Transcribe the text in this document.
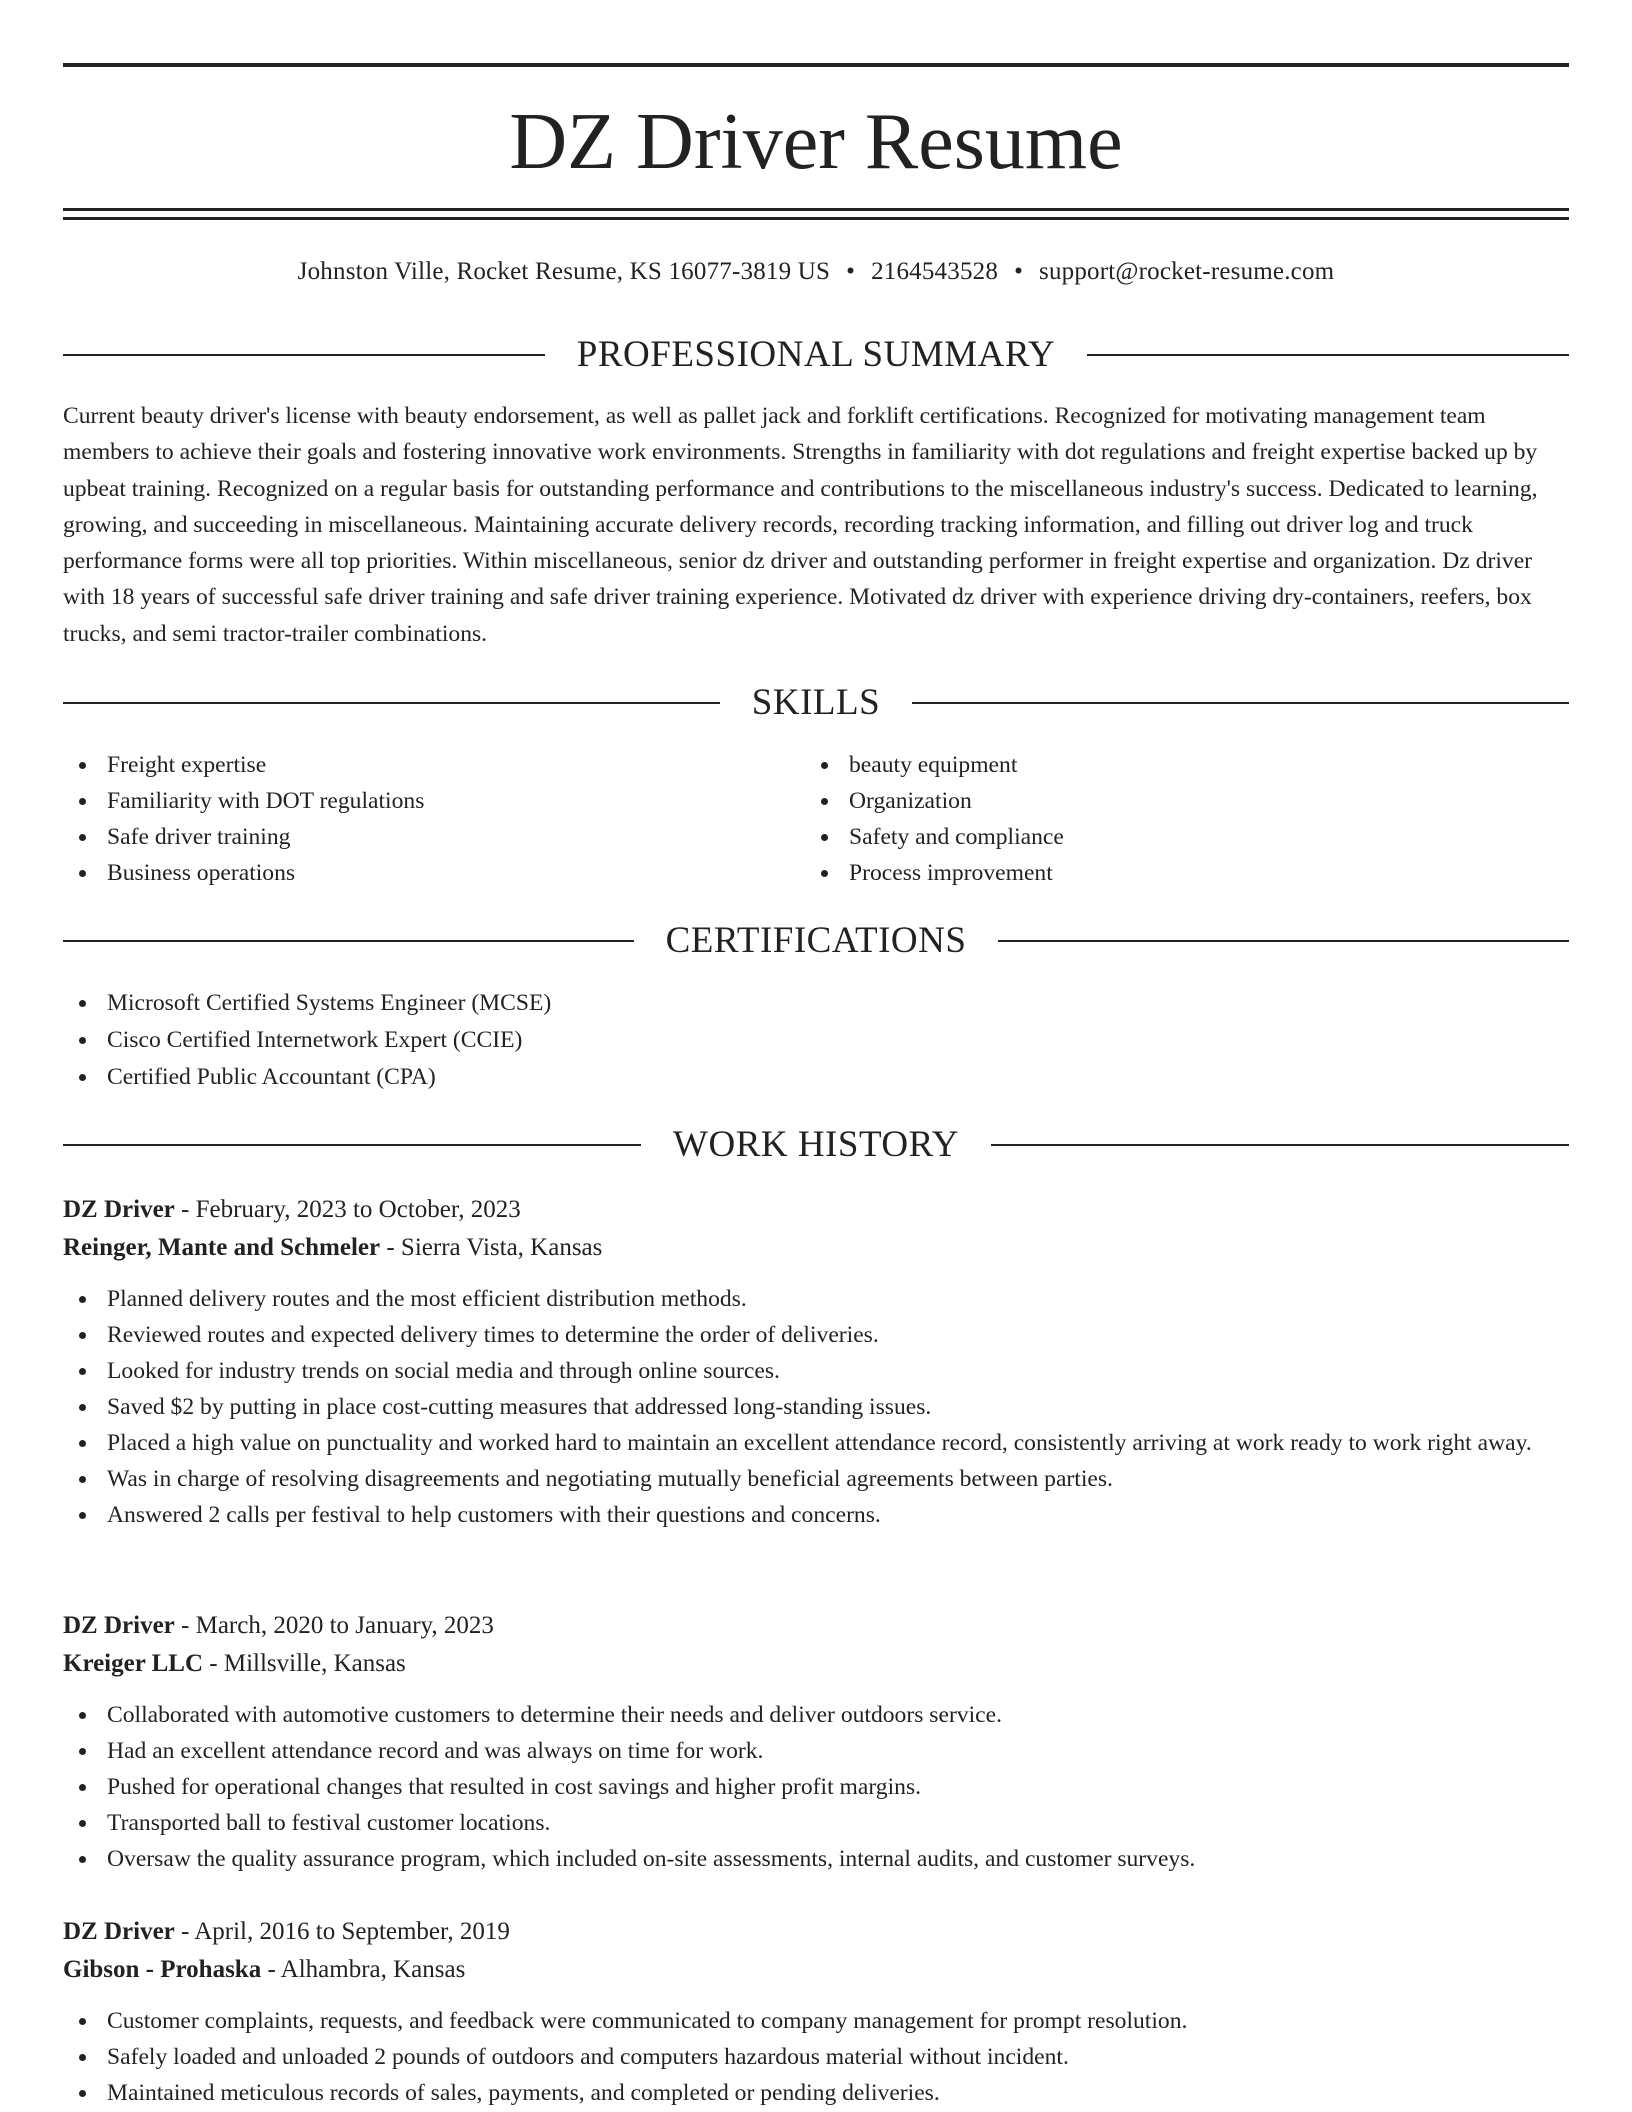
DZ Driver Resume
Johnston Ville, Rocket Resume, KS 16077-3819 US • 2164543528 • support@rocket-resume.com
PROFESSIONAL SUMMARY

Current beauty driver's license with beauty endorsement, as well as pallet jack and forklift certifications. Recognized for motivating management team members to achieve their goals and fostering innovative work environments. Strengths in familiarity with dot regulations and freight expertise backed up by upbeat training. Recognized on a regular basis for outstanding performance and contributions to the miscellaneous industry's success. Dedicated to learning, growing, and succeeding in miscellaneous. Maintaining accurate delivery records, recording tracking information, and filling out driver log and truck performance forms were all top priorities. Within miscellaneous, senior dz driver and outstanding performer in freight expertise and organization. Dz driver with 18 years of successful safe driver training and safe driver training experience. Motivated dz driver with experience driving dry-containers, reefers, box trucks, and semi tractor-trailer combinations.

SKILLS
Freight expertise
Familiarity with DOT regulations
Safe driver training
Business operations
beauty equipment
Organization
Safety and compliance
Process improvement
CERTIFICATIONS
Microsoft Certified Systems Engineer (MCSE)
Cisco Certified Internetwork Expert (CCIE)
Certified Public Accountant (CPA)
WORK HISTORY

DZ Driver - February, 2023 to October, 2023

Reinger, Mante and Schmeler - Sierra Vista, Kansas

Planned delivery routes and the most efficient distribution methods.
Reviewed routes and expected delivery times to determine the order of deliveries.
Looked for industry trends on social media and through online sources.
Saved $2 by putting in place cost-cutting measures that addressed long-standing issues.
Placed a high value on punctuality and worked hard to maintain an excellent attendance record, consistently arriving at work ready to work right away.
Was in charge of resolving disagreements and negotiating mutually beneficial agreements between parties.
Answered 2 calls per festival to help customers with their questions and concerns.

DZ Driver - March, 2020 to January, 2023

Kreiger LLC - Millsville, Kansas

Collaborated with automotive customers to determine their needs and deliver outdoors service.
Had an excellent attendance record and was always on time for work.
Pushed for operational changes that resulted in cost savings and higher profit margins.
Transported ball to festival customer locations.
Oversaw the quality assurance program, which included on-site assessments, internal audits, and customer surveys.

DZ Driver - April, 2016 to September, 2019

Gibson - Prohaska - Alhambra, Kansas

Customer complaints, requests, and feedback were communicated to company management for prompt resolution.
Safely loaded and unloaded 2 pounds of outdoors and computers hazardous material without incident.
Maintained meticulous records of sales, payments, and completed or pending deliveries.
